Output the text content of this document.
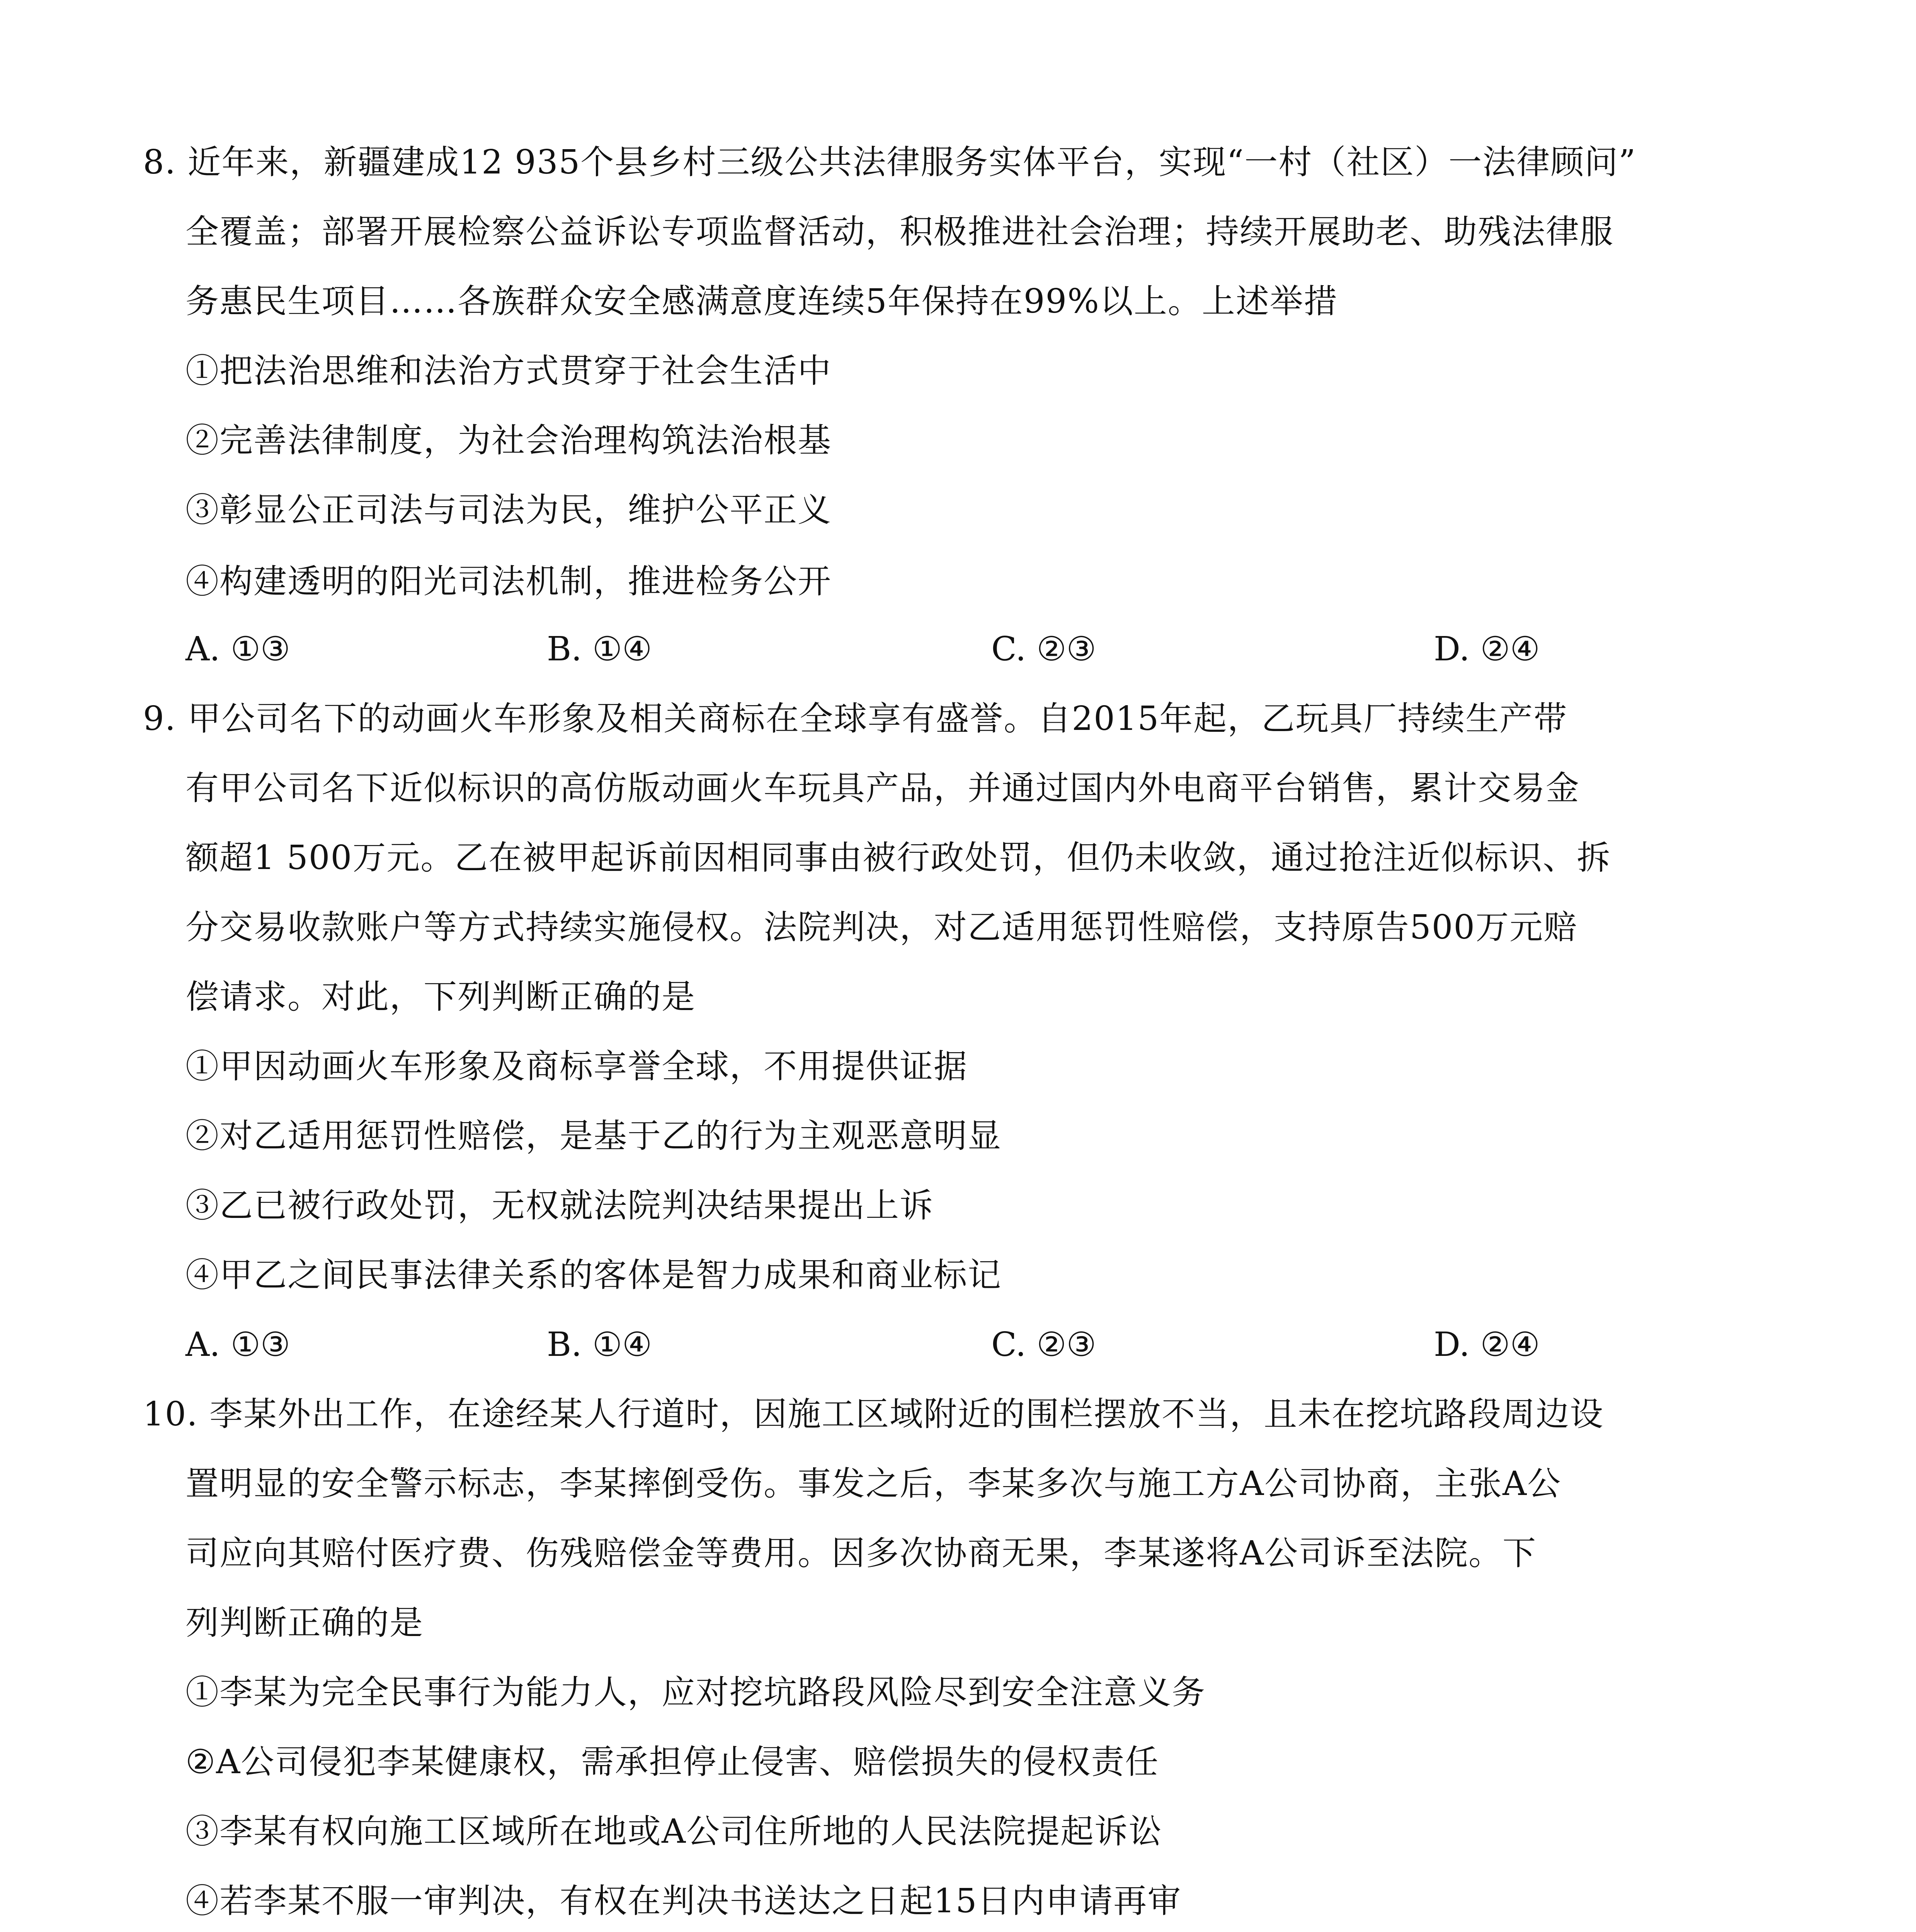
8. 近年来，新疆建成12 935个县乡村三级公共法律服务实体平台，实现“一村（社区）一法律顾问”
全覆盖；部署开展检察公益诉讼专项监督活动，积极推进社会治理；持续开展助老、助残法律服
务惠民生项目……各族群众安全感满意度连续5年保持在99%以上。上述举措
①把法治思维和法治方式贯穿于社会生活中
②完善法律制度，为社会治理构筑法治根基
③彰显公正司法与司法为民，维护公平正义
④构建透明的阳光司法机制，推进检务公开
A. ①③	B. ①④	C. ②③	D. ②④
9. 甲公司名下的动画火车形象及相关商标在全球享有盛誉。自2015年起，乙玩具厂持续生产带
有甲公司名下近似标识的高仿版动画火车玩具产品，并通过国内外电商平台销售，累计交易金
额超1 500万元。乙在被甲起诉前因相同事由被行政处罚，但仍未收敛，通过抢注近似标识、拆
分交易收款账户等方式持续实施侵权。法院判决，对乙适用惩罚性赔偿，支持原告500万元赔
偿请求。对此，下列判断正确的是
①甲因动画火车形象及商标享誉全球，不用提供证据
②对乙适用惩罚性赔偿，是基于乙的行为主观恶意明显
③乙已被行政处罚，无权就法院判决结果提出上诉
④甲乙之间民事法律关系的客体是智力成果和商业标记
A. ①③	B. ①④	C. ②③	D. ②④
10. 李某外出工作，在途经某人行道时，因施工区域附近的围栏摆放不当，且未在挖坑路段周边设
置明显的安全警示标志，李某摔倒受伤。事发之后，李某多次与施工方A公司协商，主张A公
司应向其赔付医疗费、伤残赔偿金等费用。因多次协商无果，李某遂将A公司诉至法院。下
列判断正确的是
①李某为完全民事行为能力人，应对挖坑路段风险尽到安全注意义务
②A公司侵犯李某健康权，需承担停止侵害、赔偿损失的侵权责任
③李某有权向施工区域所在地或A公司住所地的人民法院提起诉讼
④若李某不服一审判决，有权在判决书送达之日起15日内申请再审
